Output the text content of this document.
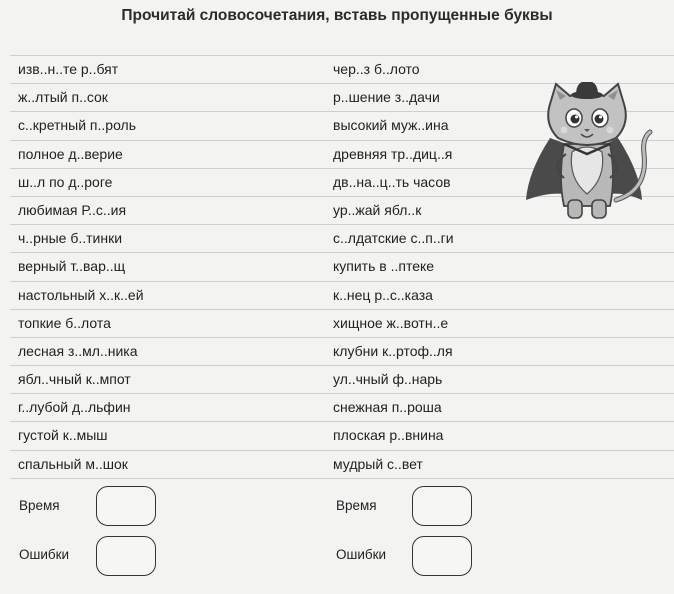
Прочитай словосочетания, вставь пропущенные буквы
изв..н..те р..бят	чер..з б..лото
ж..лтый п..сок	р..шение з..дачи
с..кретный п..роль	высокий муж..ина
полное д..верие	древняя тр..диц..я
ш..л по д..роге	дв..на..ц..ть часов
любимая Р..с..ия	ур..жай ябл..к
ч..рные б..тинки	с..лдатские с..п..ги
верный т..вар..щ	купить в ..птеке
настольный х..к..ей	к..нец р..с..каза
топкие б..лота	хищное ж..вотн..е
лесная з..мл..ника	клубни к..ртоф..ля
ябл..чный к..мпот	ул..чный ф..нарь
г..лубой д..льфин	снежная п..роша
густой к..мыш	плоская р..внина
спальный м..шок	мудрый с..вет
Время
Ошибки
Время
Ошибки
